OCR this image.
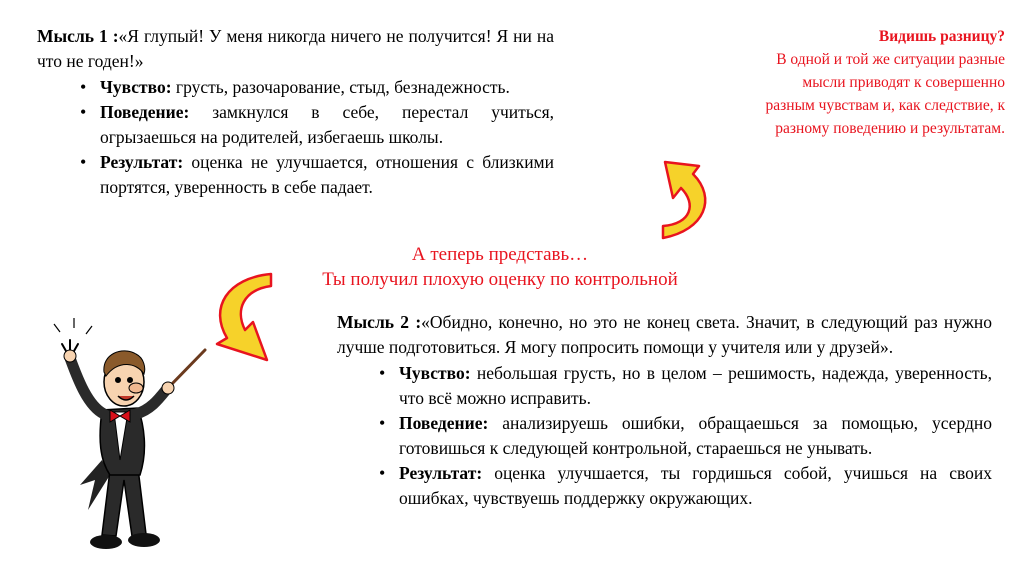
Мысль 1 :«Я глупый! У меня никогда ничего не получится! Я ни на что не годен!»

• Чувство: грусть, разочарование, стыд, безнадежность.
• Поведение: замкнулся в себе, перестал учиться, огрызаешься на родителей, избегаешь школы.
• Результат: оценка не улучшается, отношения с близкими портятся, уверенность в себе падает.
Видишь разницу?
В одной и той же ситуации разные мысли приводят к совершенно разным чувствам и, как следствие, к разному поведению и результатам.
А теперь представь…
Ты получил плохую оценку по контрольной

Мысль 2 :«Обидно, конечно, но это не конец света. Значит, в следующий раз нужно лучше подготовиться. Я могу попросить помощи у учителя или у друзей».

• Чувство: небольшая грусть, но в целом – решимость, надежда, уверенность, что всё можно исправить.
• Поведение: анализируешь ошибки, обращаешься за помощью, усердно готовишься к следующей контрольной, стараешься не унывать.
• Результат: оценка улучшается, ты гордишься собой, учишься на своих ошибках, чувствуешь поддержку окружающих.
